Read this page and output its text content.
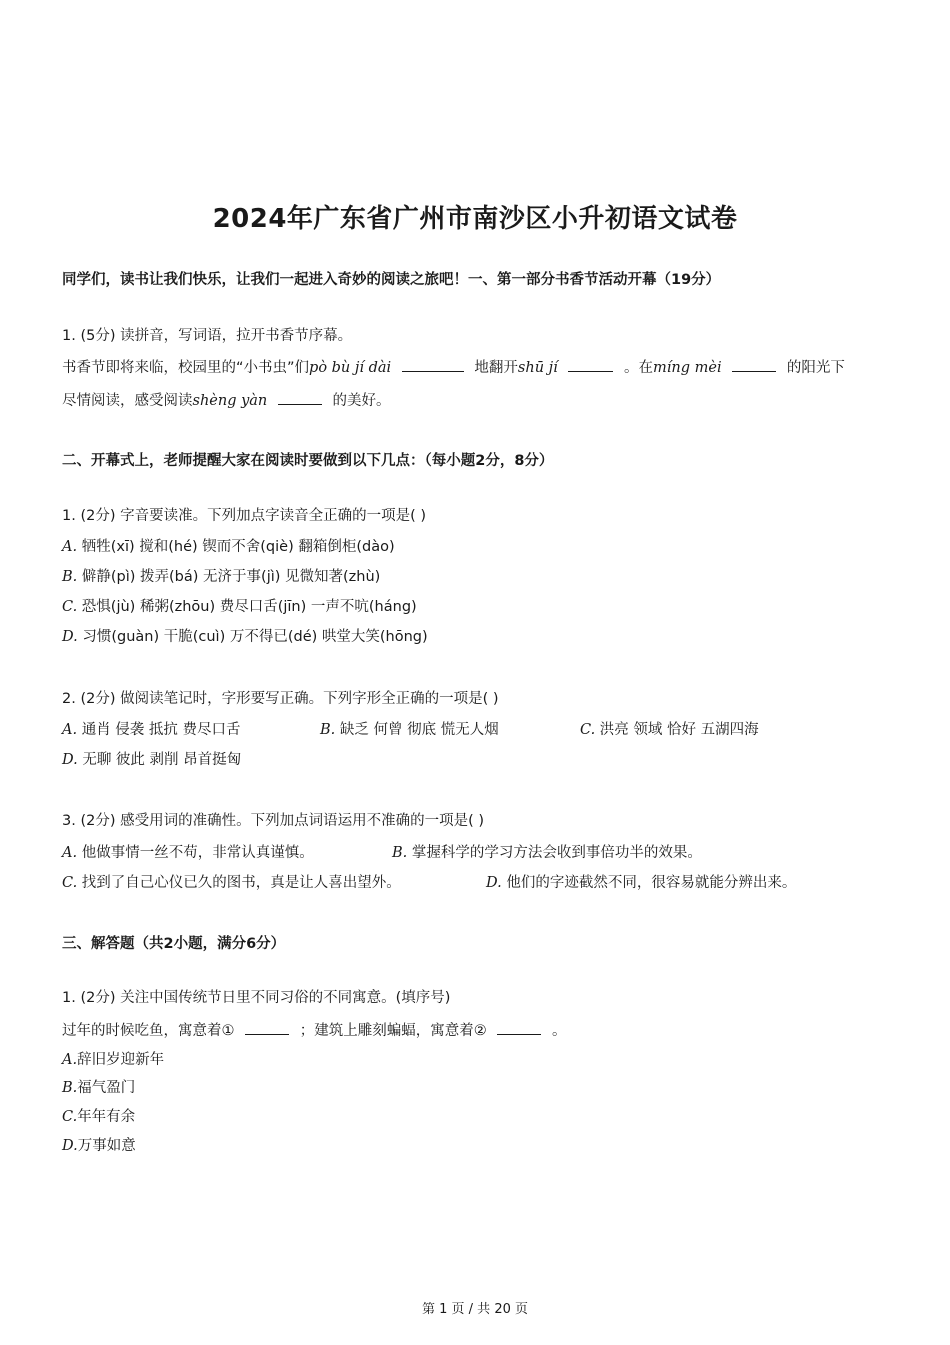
2024年广东省广州市南沙区小升初语文试卷
同学们，读书让我们快乐，让我们一起进入奇妙的阅读之旅吧！一、第一部分书香节活动开幕（19分）
1. (5分) 读拼音，写词语，拉开书香节序幕。
书香节即将来临，校园里的“小书虫”们pò bù jí dài	地翻开shū jí	。在míng mèi	的阳光下
尽情阅读，感受阅读shèng yàn	的美好。
二、开幕式上，老师提醒大家在阅读时要做到以下几点：（每小题2分，8分）
1. (2分) 字音要读准。下列加点字读音全正确的一项是( )
A. 牺牲(xī) 搅和(hé) 锲而不舍(qiè) 翻箱倒柜(dào)
B. 僻静(pì) 拨弄(bá) 无济于事(jì) 见微知著(zhù)
C. 恐惧(jù) 稀粥(zhōu) 费尽口舌(jīn) 一声不吭(háng)
D. 习惯(guàn) 干脆(cuì) 万不得已(dé) 哄堂大笑(hōng)
2. (2分) 做阅读笔记时，字形要写正确。下列字形全正确的一项是( )
A. 通肖 侵袭 抵抗 费尽口舌	B. 缺乏 何曾 彻底 慌无人烟	C. 洪亮 领域 恰好 五湖四海
D. 无聊 彼此 剥削 昂首挺匈
3. (2分) 感受用词的准确性。下列加点词语运用不准确的一项是( )
A. 他做事情一丝不苟，非常认真谨慎。	B. 掌握科学的学习方法会收到事倍功半的效果。
C. 找到了自己心仪已久的图书，真是让人喜出望外。	D. 他们的字迹截然不同，很容易就能分辨出来。
三、解答题（共2小题，满分6分）
1. (2分) 关注中国传统节日里不同习俗的不同寓意。(填序号)
过年的时候吃鱼，寓意着①	；建筑上雕刻蝙蝠，寓意着②	。
A.辞旧岁迎新年
B.福气盈门
C.年年有余
D.万事如意
第 1 页 / 共 20 页
